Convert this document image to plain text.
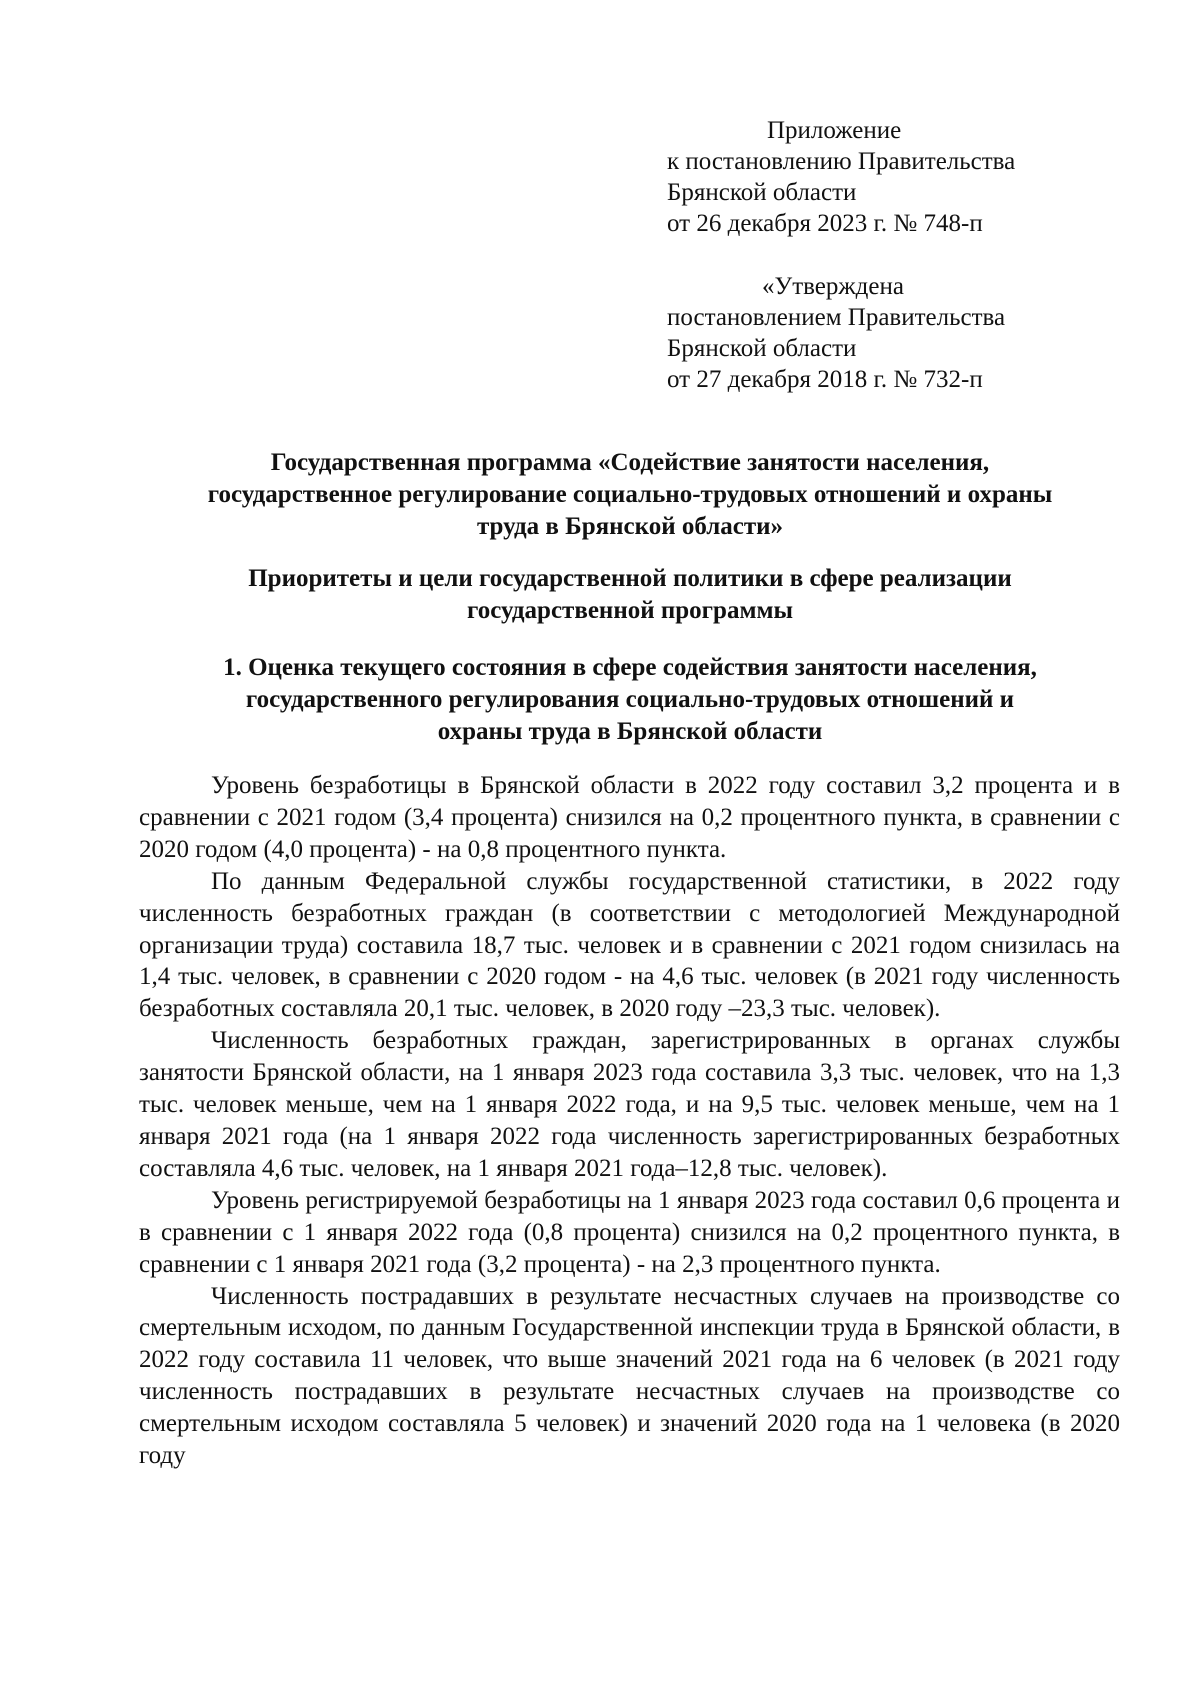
Приложение
к постановлению Правительства
Брянской области
от 26 декабря 2023 г. № 748-п
«Утверждена
постановлением Правительства
Брянской области
от 27 декабря 2018 г. № 732-п
Государственная программа «Содействие занятости населения,
государственное регулирование социально-трудовых отношений и охраны
труда в Брянской области»
Приоритеты и цели государственной политики в сфере реализации
государственной программы
1. Оценка текущего состояния в сфере содействия занятости населения,
государственного регулирования социально-трудовых отношений и
охраны труда в Брянской области

Уровень безработицы в Брянской области в 2022 году составил 3,2 процента и в сравнении с 2021 годом (3,4 процента) снизился на 0,2 процентного пункта, в сравнении с 2020 годом (4,0 процента) - на 0,8 процентного пункта.

По данным Федеральной службы государственной статистики, в 2022 году численность безработных граждан (в соответствии с методологией Международной организации труда) составила 18,7 тыс. человек и в сравнении с 2021 годом снизилась на 1,4 тыс. человек, в сравнении с 2020 годом - на 4,6 тыс. человек (в 2021 году численность безработных составляла 20,1 тыс. человек, в 2020 году –23,3 тыс. человек).

Численность безработных граждан, зарегистрированных в органах службы занятости Брянской области, на 1 января 2023 года составила 3,3 тыс. человек, что на 1,3 тыс. человек меньше, чем на 1 января 2022 года, и на 9,5 тыс. человек меньше, чем на 1 января 2021 года (на 1 января 2022 года численность зарегистрированных безработных составляла 4,6 тыс. человек, на 1 января 2021 года–12,8 тыс. человек).

Уровень регистрируемой безработицы на 1 января 2023 года составил 0,6 процента и в сравнении с 1 января 2022 года (0,8 процента) снизился на 0,2 процентного пункта, в сравнении с 1 января 2021 года (3,2 процента) - на 2,3 процентного пункта.

Численность пострадавших в результате несчастных случаев на производстве со смертельным исходом, по данным Государственной инспекции труда в Брянской области, в 2022 году составила 11 человек, что выше значений 2021 года на 6 человек (в 2021 году численность пострадавших в результате несчастных случаев на производстве со смертельным исходом составляла 5 человек) и значений 2020 года на 1 человека (в 2020 году
